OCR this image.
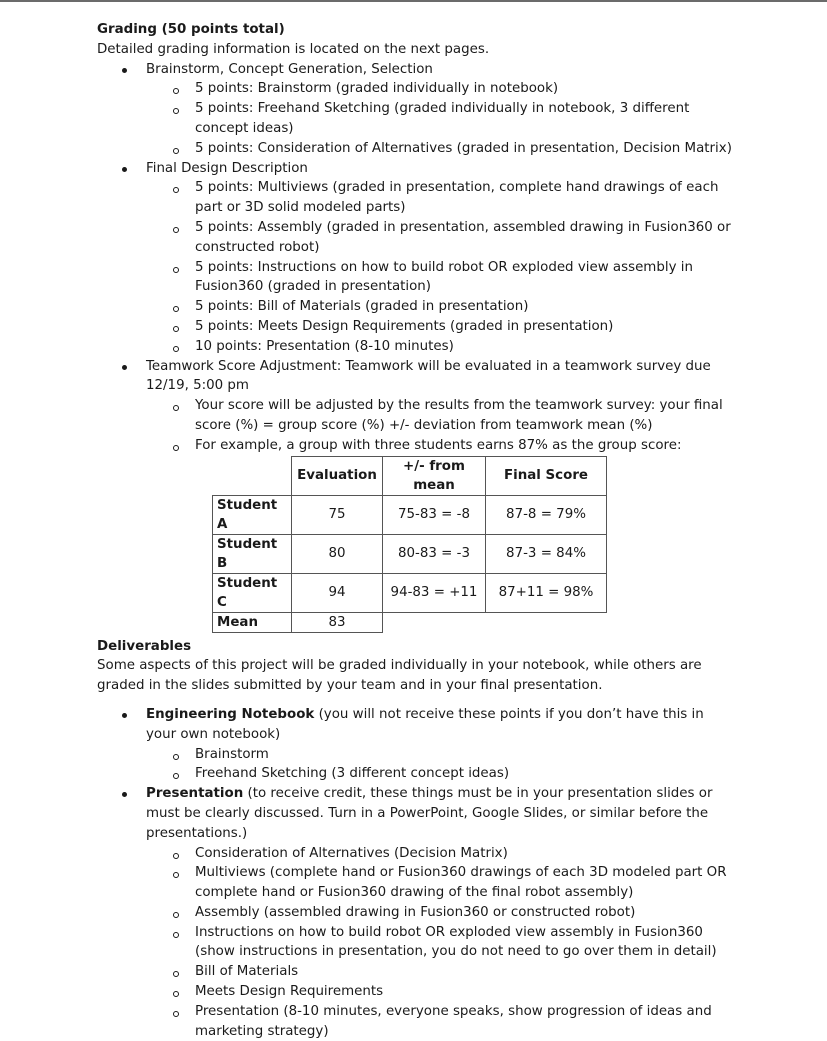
Grading (50 points total)
Detailed grading information is located on the next pages.
Brainstorm, Concept Generation, Selection
5 points: Brainstorm (graded individually in notebook)
5 points: Freehand Sketching (graded individually in notebook, 3 different concept ideas)
5 points: Consideration of Alternatives (graded in presentation, Decision Matrix)
Final Design Description
5 points: Multiviews (graded in presentation, complete hand drawings of each part or 3D solid modeled parts)
5 points: Assembly (graded in presentation, assembled drawing in Fusion360 or constructed robot)
5 points: Instructions on how to build robot OR exploded view assembly in Fusion360 (graded in presentation)
5 points: Bill of Materials (graded in presentation)
5 points: Meets Design Requirements (graded in presentation)
10 points: Presentation (8-10 minutes)
Teamwork Score Adjustment: Teamwork will be evaluated in a teamwork survey due 12/19, 5:00 pm
Your score will be adjusted by the results from the teamwork survey: your final score (%) = group score (%) +/- deviation from teamwork mean (%)
For example, a group with three students earns 87% as the group score:
	Evaluation	+/- from mean	Final Score
Student A	75	75-83 = -8	87-8 = 79%
Student B	80	80-83 = -3	87-3 = 84%
Student C	94	94-83 = +11	87+11 = 98%
Mean	83		
Deliverables
Some aspects of this project will be graded individually in your notebook, while others are graded in the slides submitted by your team and in your final presentation.
Engineering Notebook (you will not receive these points if you don’t have this in your own notebook)
Brainstorm
Freehand Sketching (3 different concept ideas)
Presentation (to receive credit, these things must be in your presentation slides or must be clearly discussed. Turn in a PowerPoint, Google Slides, or similar before the presentations.)
Consideration of Alternatives (Decision Matrix)
Multiviews (complete hand or Fusion360 drawings of each 3D modeled part OR complete hand or Fusion360 drawing of the final robot assembly)
Assembly (assembled drawing in Fusion360 or constructed robot)
Instructions on how to build robot OR exploded view assembly in Fusion360 (show instructions in presentation, you do not need to go over them in detail)
Bill of Materials
Meets Design Requirements
Presentation (8-10 minutes, everyone speaks, show progression of ideas and marketing strategy)
